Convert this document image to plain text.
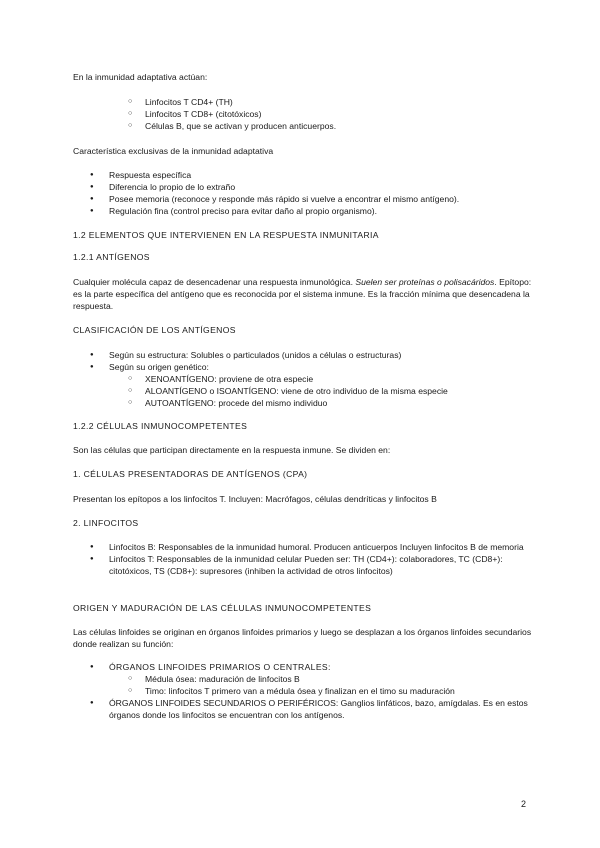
En la inmunidad adaptativa actúan:

○ Linfocitos T CD4+ (TH)
○ Linfocitos T CD8+ (citotóxicos)
○ Células B, que se activan y producen anticuerpos.

Característica exclusivas de la inmunidad adaptativa

● Respuesta específica
● Diferencia lo propio de lo extraño
● Posee memoria (reconoce y responde más rápido si vuelve a encontrar el mismo antígeno).
● Regulación fina (control preciso para evitar daño al propio organismo).

1.2 ELEMENTOS QUE INTERVIENEN EN LA RESPUESTA INMUNITARIA

1.2.1 ANTÍGENOS

Cualquier molécula capaz de desencadenar una respuesta inmunológica. Suelen ser proteínas o polisacáridos. Epítopo: es la parte específica del antígeno que es reconocida por el sistema inmune. Es la fracción mínima que desencadena la respuesta.

CLASIFICACIÓN DE LOS ANTÍGENOS

● Según su estructura: Solubles o particulados (unidos a células o estructuras)
● Según su origen genético:
○ XENOANTÍGENO: proviene de otra especie
○ ALOANTÍGENO o ISOANTÍGENO: viene de otro individuo de la misma especie
○ AUTOANTÍGENO: procede del mismo individuo

1.2.2 CÉLULAS INMUNOCOMPETENTES

Son las células que participan directamente en la respuesta inmune. Se dividen en:

1. CÉLULAS PRESENTADORAS DE ANTÍGENOS (CPA)

Presentan los epítopos a los linfocitos T. Incluyen: Macrófagos, células dendríticas y linfocitos B

2. LINFOCITOS

● Linfocitos B: Responsables de la inmunidad humoral. Producen anticuerpos Incluyen linfocitos B de memoria
● Linfocitos T: Responsables de la inmunidad celular Pueden ser: TH (CD4+): colaboradores, TC (CD8+): citotóxicos, TS (CD8+): supresores (inhiben la actividad de otros linfocitos)

ORIGEN Y MADURACIÓN DE LAS CÉLULAS INMUNOCOMPETENTES

Las células linfoides se originan en órganos linfoides primarios y luego se desplazan a los órganos linfoides secundarios donde realizan su función:

● ÓRGANOS LINFOIDES PRIMARIOS O CENTRALES:
○ Médula ósea: maduración de linfocitos B
○ Timo: linfocitos T primero van a médula ósea y finalizan en el timo su maduración
● ÓRGANOS LINFOIDES SECUNDARIOS O PERIFÉRICOS: Ganglios linfáticos, bazo, amígdalas. Es en estos órganos donde los linfocitos se encuentran con los antígenos.
2
